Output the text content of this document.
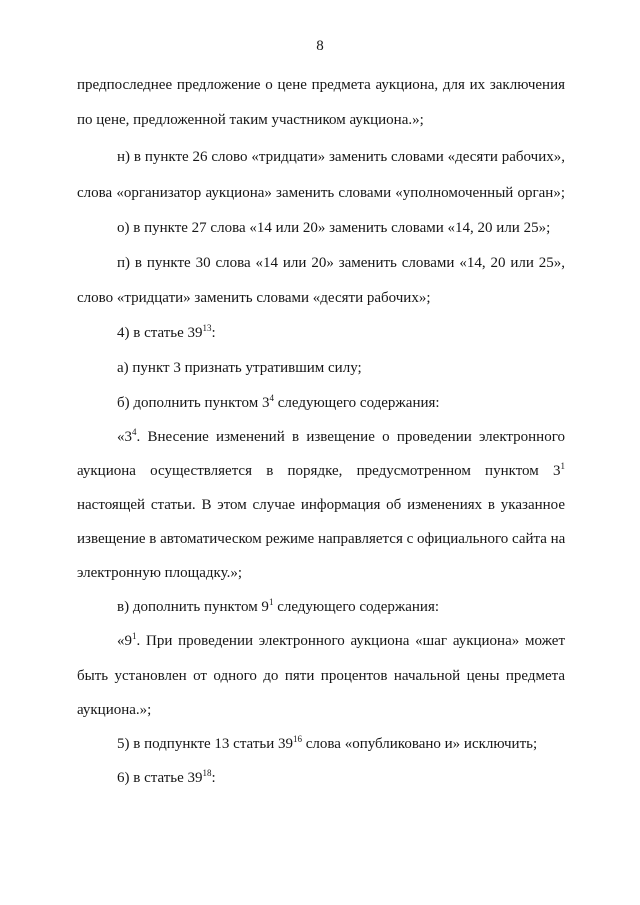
8
предпоследнее предложение о цене предмета аукциона, для их заключения
по цене, предложенной таким участником аукциона.»;
н) в пункте 26 слово «тридцати» заменить словами «десяти рабочих»,
слова «организатор аукциона» заменить словами «уполномоченный орган»;
о) в пункте 27 слова «14 или 20» заменить словами «14, 20 или 25»;
п) в пункте 30 слова «14 или 20» заменить словами «14, 20 или 25»,
слово «тридцати» заменить словами «десяти рабочих»;
4) в статье $39^{13}$:
а) пункт 3 признать утратившим силу;
б) дополнить пунктом $3^4$ следующего содержания:
«$3^4$. Внесение изменений в извещение о проведении электронного
аукциона осуществляется в порядке, предусмотренном пунктом $3^1$
настоящей статьи. В этом случае информация об изменениях в указанное
извещение в автоматическом режиме направляется с официального сайта на
электронную площадку.»;
в) дополнить пунктом $9^1$ следующего содержания:
«$9^1$. При проведении электронного аукциона «шаг аукциона» может
быть установлен от одного до пяти процентов начальной цены предмета
аукциона.»;
5) в подпункте 13 статьи $39^{16}$ слова «опубликовано и» исключить;
6) в статье $39^{18}$:
